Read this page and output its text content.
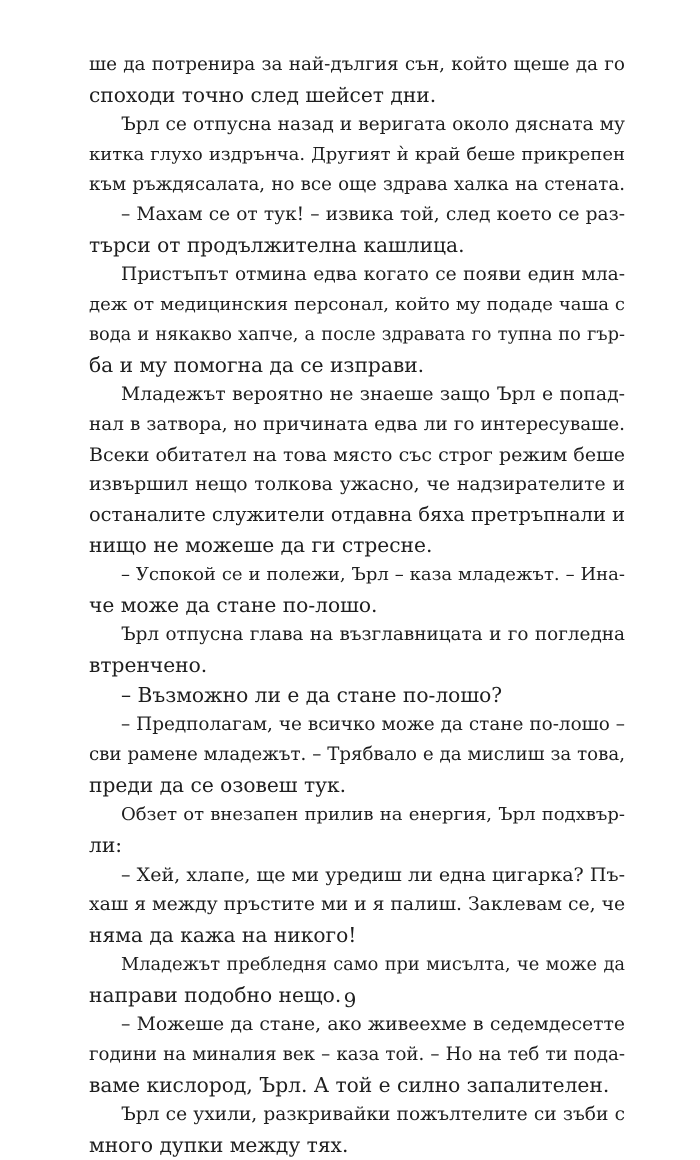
ше да потренира за най-дългия сън, който щеше да го
споходи точно след шейсет дни.
Ърл се отпусна назад и веригата около дясната му
китка глухо издрънча. Другият ѝ край беше прикрепен
към ръждясалата, но все още здрава халка на стената.
– Махам се от тук! – извика той, след което се раз-
търси от продължителна кашлица.
Пристъпът отмина едва когато се появи един мла-
деж от медицинския персонал, който му подаде чаша с
вода и някакво хапче, а после здравата го тупна по гър-
ба и му помогна да се изправи.
Младежът вероятно не знаеше защо Ърл е попад-
нал в затвора, но причината едва ли го интересуваше.
Всеки обитател на това място със строг режим беше
извършил нещо толкова ужасно, че надзирателите и
останалите служители отдавна бяха претръпнали и
нищо не можеше да ги стресне.
– Успокой се и полежи, Ърл – каза младежът. – Ина-
че може да стане по-лошо.
Ърл отпусна глава на възглавницата и го погледна
втренчено.
– Възможно ли е да стане по-лошо?
– Предполагам, че всичко може да стане по-лошо –
сви рамене младежът. – Трябвало е да мислиш за това,
преди да се озовеш тук.
Обзет от внезапен прилив на енергия, Ърл подхвър-
ли:
– Хей, хлапе, ще ми уредиш ли една цигарка? Пъ-
хаш я между пръстите ми и я палиш. Заклевам се, че
няма да кажа на никого!
Младежът пребледня само при мисълта, че може да
направи подобно нещо.
– Можеше да стане, ако живеехме в седемдесетте
години на миналия век – каза той. – Но на теб ти пода-
ваме кислород, Ърл. А той е силно запалителен.
Ърл се ухили, разкривайки пожълтелите си зъби с
много дупки между тях.
9
